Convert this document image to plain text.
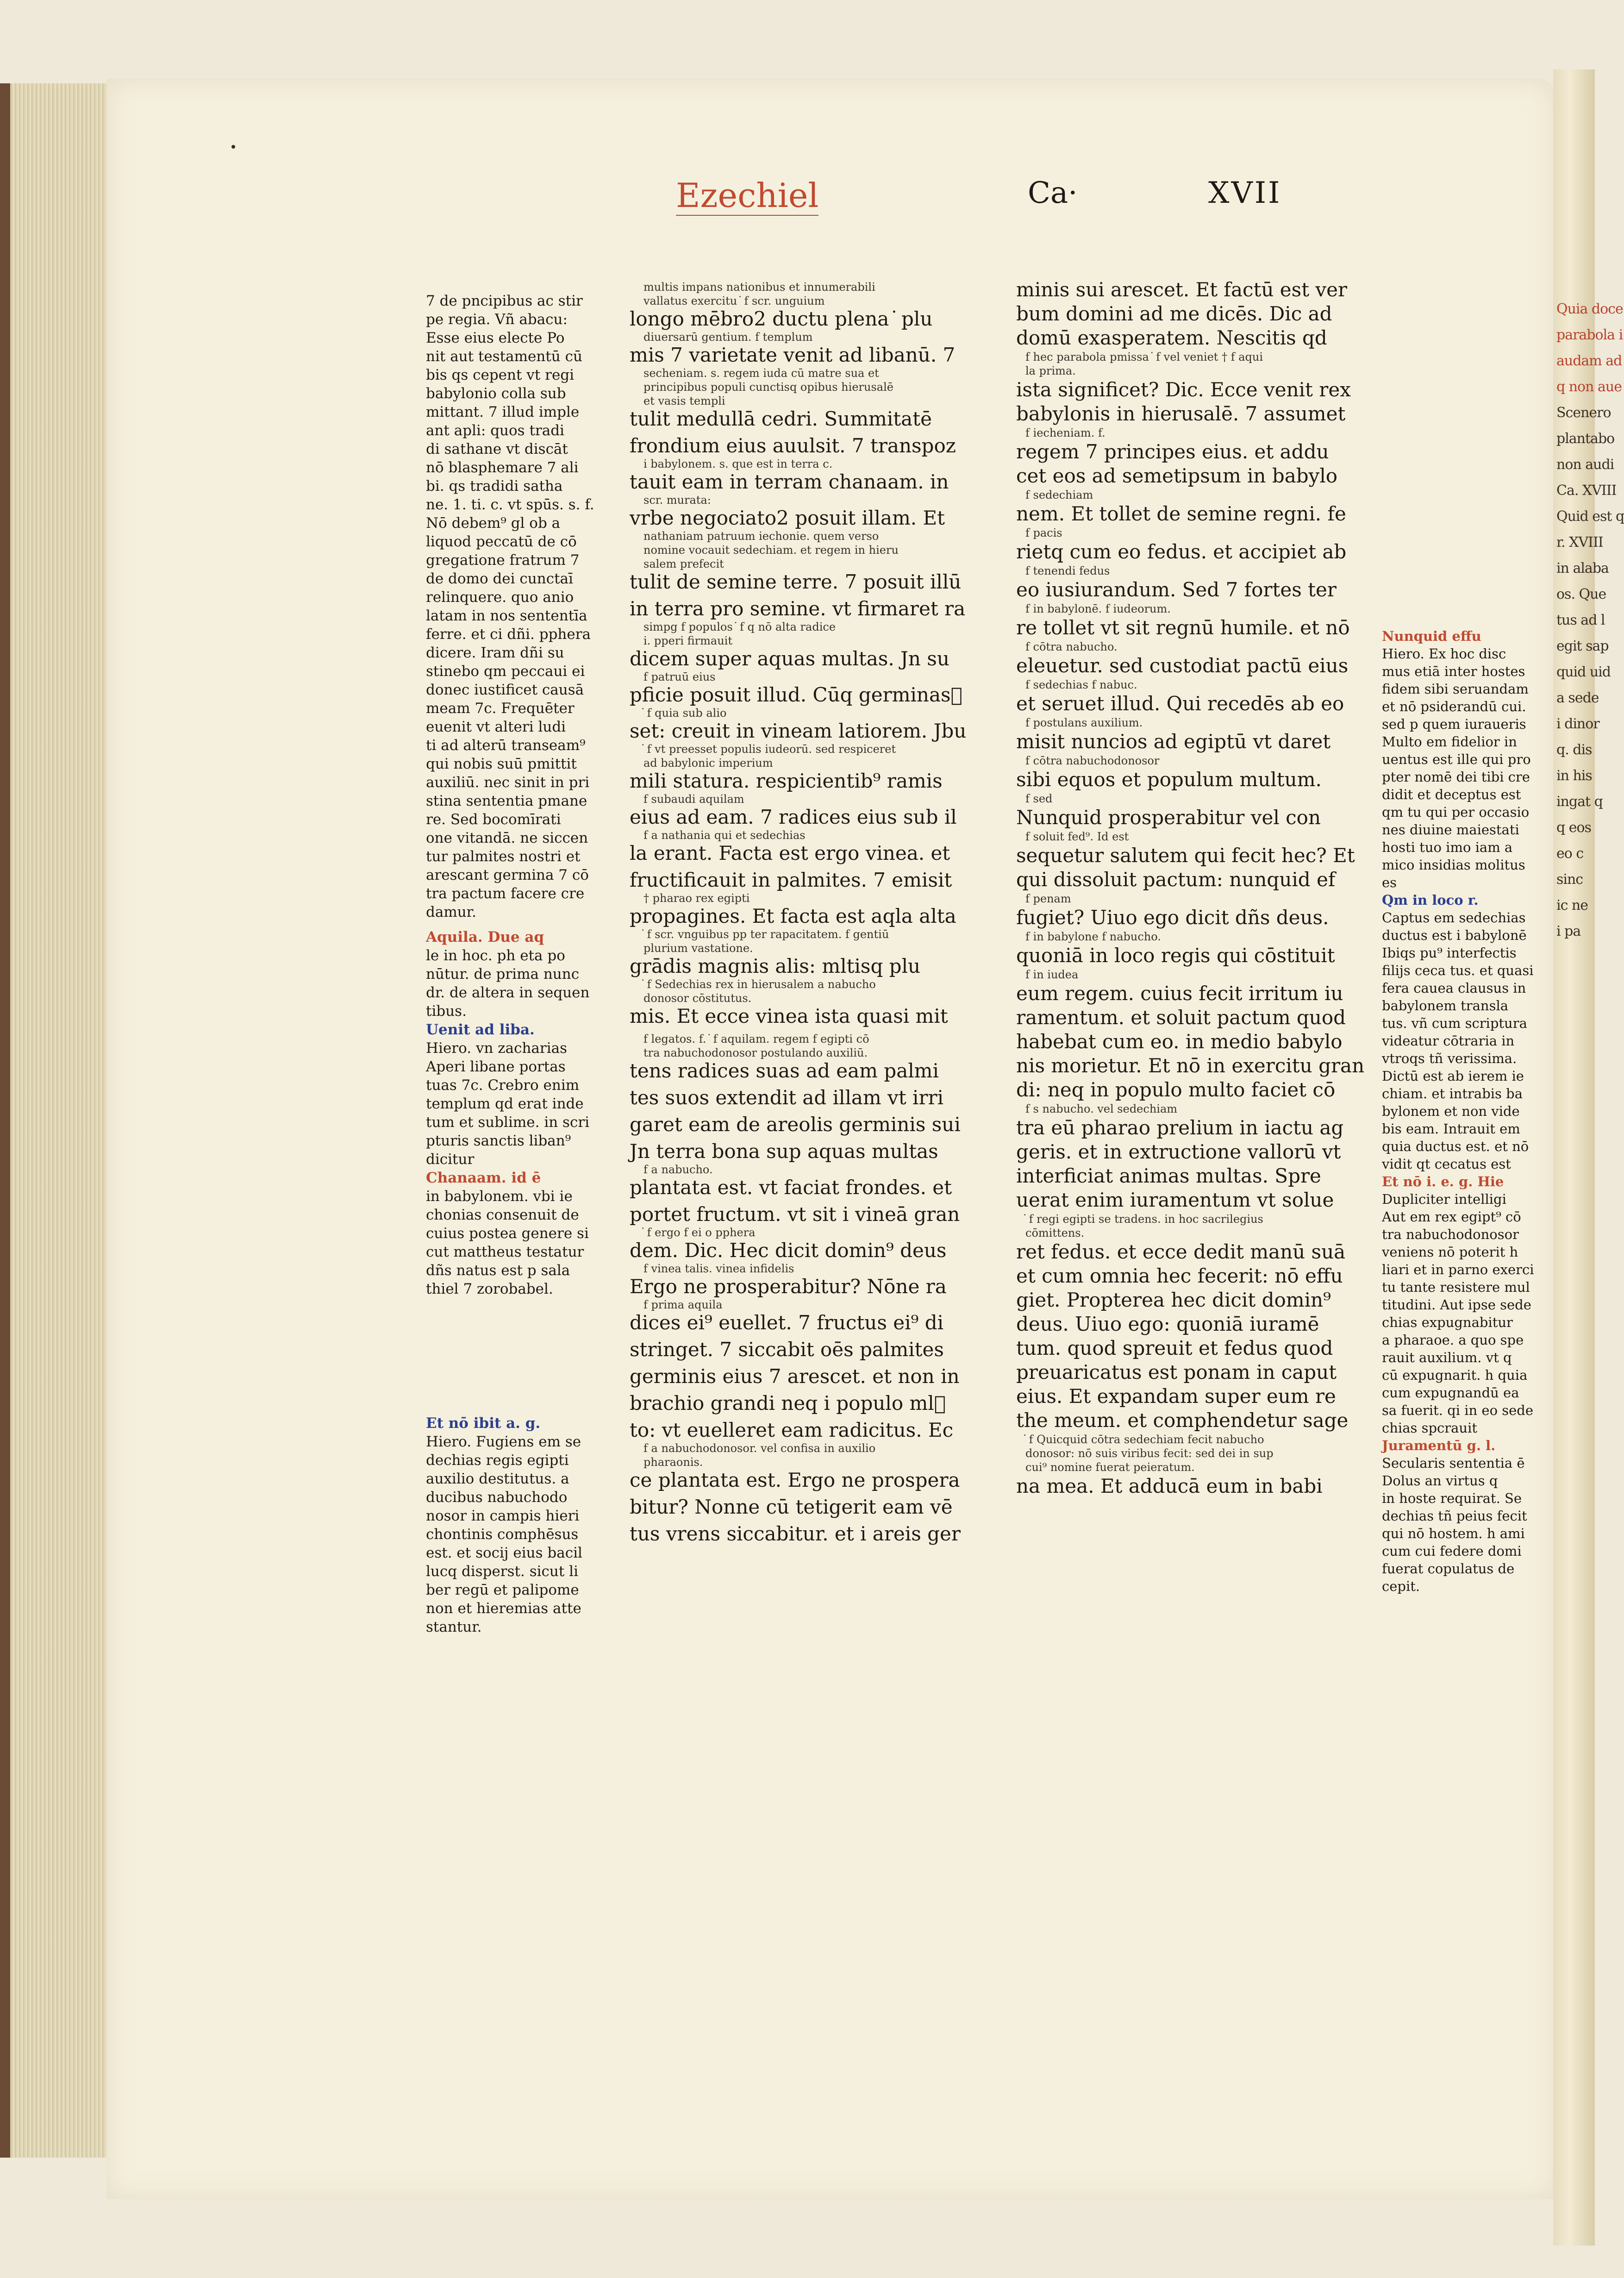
Quia doce
parabola i
audam ad
q non aue
Scenero
plantabo
non audi
Ca. XVIII
Quid est q
r. XVIII
in alaba
os. Que
tus ad l
egit sap
quid uid
a sede
i dinor
q. dis
in his
ingat q
q eos
eo c
sinc
ic ne
i pa
Ezechiel	Ca·	XVII
7 de pncipibus ac stir
pe regia. Vñ abacu:
Esse eius electe Po
nit aut testamentū cū
bis qs cepent vt regi
babylonio colla sub
mittant. 7 illud imple
ant apli: quos tradi
di sathane vt discāt
nō blasphemare 7 ali
bi. qs tradidi satha
ne. 1. ti. c. vt spūs. s. f.
Nō debem⁹ gl ob a
liquod peccatū de cō
gregatione fratrum 7
de domo dei cunctaī
relinquere. quo anio
latam in nos sententīa
ferre. et ci dñi. pphera
dicere. Iram dñi su
stinebo qm peccaui ei
donec iustificet causā
meam 7c. Frequēter
euenit vt alteri ludi
ti ad alterū transeam⁹
qui nobis suū pmittit
auxiliū. nec sinit in pri
stina sententia pmane
re. Sed bocomīrati
one vitandā. ne siccen
tur palmites nostri et
arescant germina 7 cō
tra pactum facere cre
damur.
Aquila. Due aq
le in hoc. ph eta po
nūtur. de prima nunc
dr. de altera in sequen
tibus.
Uenit ad liba.
Hiero. vn zacharias
Aperi libane portas
tuas 7c. Crebro enim
templum qd erat inde
tum et sublime. in scri
pturis sanctis liban⁹
dicitur
Chanaam. id ē
in babylonem. vbi ie
chonias consenuit de
cuius postea genere si
cut mattheus testatur
dñs natus est p sala
thiel 7 zorobabel.
Et nō ibit a. g.
Hiero. Fugiens em se
dechias regis egipti
auxilio destitutus. a
ducibus nabuchodo
nosor in campis hieri
chontinis comphēsus
est. et socij eius bacil
lucq disperst. sicut li
ber regū et palipome
non et hieremias atte
stantur.
multis impans nationibus et innumerabili
vallatus exercitu ͘ f scr. unguium
longo mēbro2 ductu plena ͘ plu
diuersarū gentium. f templum
mis 7 varietate venit ad libanū. 7
secheniam. s. regem iuda cū matre sua et
principibus populi cunctisq opibus hierusalē
et vasis templi
tulit medullā cedri. Summitatē
frondium eius auulsit. 7 transpoz
i babylonem. s. que est in terra c.
tauit eam in terram chanaam. in
scr. murata:
vrbe negociato2 posuit illam. Et
nathaniam patruum iechonie. quem verso
nomine vocauit sedechiam. et regem in hieru
salem prefecit
tulit de semine terre. 7 posuit illū
in terra pro semine. vt firmaret ra
simpg f populos ͘ f q nō alta radice
i. pperi firmauit
dicem super aquas multas. Jn su
f patruū eius
pficie posuit illud. Cūq germinasᷓ
͘ f quia sub alio
set: creuit in vineam latiorem. Jbu
͘ f vt preesset populis iudeorū. sed respiceret
ad babylonic imperium
mili statura. respicientib⁹ ramis
f subaudi aquilam
eius ad eam. 7 radices eius sub il
f a nathania qui et sedechias
la erant. Facta est ergo vinea. et
fructificauit in palmites. 7 emisit
† pharao rex egipti
propagines. Et facta est aqla alta
͘ f scr. vnguibus pp ter rapacitatem. f gentiū
plurium vastatione.
grādis magnis alis: mltisq plu
͘ f Sedechias rex in hierusalem a nabucho
donosor cōstitutus.
mis. Et ecce vinea ista quasi mit
f legatos. f. ͘ f aquilam. regem f egipti cō
tra nabuchodonosor postulando auxiliū.
tens radices suas ad eam palmi
tes suos extendit ad illam vt irri
garet eam de areolis germinis sui
Jn terra bona sup aquas multas
f a nabucho.
plantata est. vt faciat frondes. et
portet fructum. vt sit i vineā gran
͘ f ergo f ei o pphera
dem. Dic. Hec dicit domin⁹ deus
f vinea talis. vinea infidelis
Ergo ne prosperabitur? Nōne ra
f prima aquila
dices ei⁹ euellet. 7 fructus ei⁹ di
stringet. 7 siccabit oēs palmites
germinis eius 7 arescet. et non in
brachio grandi neq i populo mlᷓ
to: vt euelleret eam radicitus. Ec
f a nabuchodonosor. vel confisa in auxilio
pharaonis.
ce plantata est. Ergo ne prospera
bitur? Nonne cū tetigerit eam vē
tus vrens siccabitur. et i areis ger
minis sui arescet. Et factū est ver
bum domini ad me dicēs. Dic ad
domū exasperatem. Nescitis qd
f hec parabola pmissa ͘ f vel veniet † f aqui
la prima.
ista significet? Dic. Ecce venit rex
babylonis in hierusalē. 7 assumet
f iecheniam. f.
regem 7 principes eius. et addu
cet eos ad semetipsum in babylo
f sedechiam
nem. Et tollet de semine regni. fe
f pacis
rietq cum eo fedus. et accipiet ab
f tenendi fedus
eo iusiurandum. Sed 7 fortes ter
f in babylonē. f iudeorum.
re tollet vt sit regnū humile. et nō
f cōtra nabucho.
eleuetur. sed custodiat pactū eius
f sedechias f nabuc.
et seruet illud. Qui recedēs ab eo
f postulans auxilium.
misit nuncios ad egiptū vt daret
f cōtra nabuchodonosor
sibi equos et populum multum.
f sed
Nunquid prosperabitur vel con
f soluit fed⁹. Id est
sequetur salutem qui fecit hec? Et
qui dissoluit pactum: nunquid ef
f penam
fugiet? Uiuo ego dicit dñs deus.
f in babylone f nabucho.
quoniā in loco regis qui cōstituit
f in iudea
eum regem. cuius fecit irritum iu
ramentum. et soluit pactum quod
habebat cum eo. in medio babylo
nis morietur. Et nō in exercitu gran
di: neq in populo multo faciet cō
f s nabucho. vel sedechiam
tra eū pharao prelium in iactu ag
geris. et in extructione vallorū vt
interficiat animas multas. Spre
uerat enim iuramentum vt solue
͘ f regi egipti se tradens. in hoc sacrilegius
cōmittens.
ret fedus. et ecce dedit manū suā
et cum omnia hec fecerit: nō effu
giet. Propterea hec dicit domin⁹
deus. Uiuo ego: quoniā iuramē
tum. quod spreuit et fedus quod
preuaricatus est ponam in caput
eius. Et expandam super eum re
the meum. et comphendetur sage
͘ f Quicquid cōtra sedechiam fecit nabucho
donosor: nō suis viribus fecit: sed dei in sup
cui⁹ nomine fuerat peieratum.
na mea. Et adducā eum in babi
Nunquid effu
Hiero. Ex hoc disc
mus etiā inter hostes
fidem sibi seruandam
et nō psiderandū cui.
sed p quem iuraueris
Multo em fidelior in
uentus est ille qui pro
pter nomē dei tibi cre
didit et deceptus est
qm tu qui per occasio
nes diuine maiestati
hosti tuo imo iam a
mico insidias molitus
es
Qm in loco r.
Captus em sedechias
ductus est i babylonē
Ibiqs pu⁹ interfectis
filijs ceca tus. et quasi
fera cauea clausus in
babylonem transla
tus. vñ cum scriptura
videatur cōtraria in
vtroqs tñ verissima.
Dictū est ab ierem ie
chiam. et intrabis ba
bylonem et non vide
bis eam. Intrauit em
quia ductus est. et nō
vidit qt cecatus est
Et nō i. e. g. Hie
Dupliciter intelligi
Aut em rex egipt⁹ cō
tra nabuchodonosor
veniens nō poterit h
liari et in parno exerci
tu tante resistere mul
titudini. Aut ipse sede
chias expugnabitur
a pharaoe. a quo spe
rauit auxilium. vt q
cū expugnarit. h quia
cum expugnandū ea
sa fuerit. qi in eo sede
chias spcrauit
Juramentū g. l.
Secularis sententia ē
Dolus an virtus q
in hoste requirat. Se
dechias tñ peius fecit
qui nō hostem. h ami
cum cui federe domi
fuerat copulatus de
cepit.
